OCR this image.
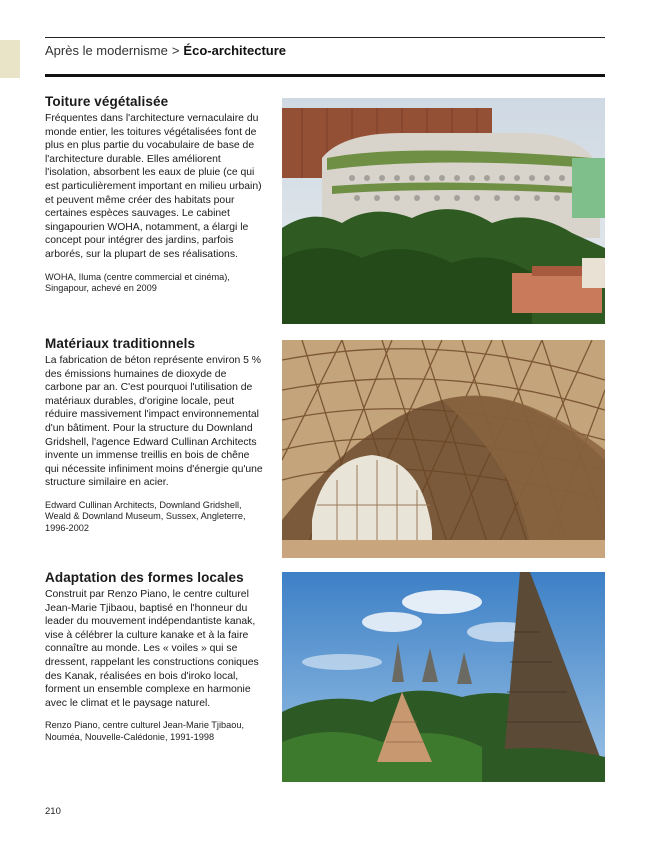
Après le modernisme > Éco-architecture
Toiture végétalisée

Fréquentes dans l'architecture vernaculaire du monde entier, les toitures végétalisées font de plus en plus partie du vocabulaire de base de l'architecture durable. Elles améliorent l'isolation, absorbent les eaux de pluie (ce qui est particulièrement important en milieu urbain) et peuvent même créer des habitats pour certaines espèces sauvages. Le cabinet singapourien WOHA, notamment, a élargi le concept pour intégrer des jardins, parfois arborés, sur la plupart de ses réalisations.

WOHA, Iluma (centre commercial et cinéma), Singapour, achevé en 2009

Matériaux traditionnels

La fabrication de béton représente environ 5 % des émissions humaines de dioxyde de carbone par an. C'est pourquoi l'utilisation de matériaux durables, d'origine locale, peut réduire massivement l'impact environnemental d'un bâtiment. Pour la structure du Downland Gridshell, l'agence Edward Cullinan Architects invente un immense treillis en bois de chêne qui nécessite infiniment moins d'énergie qu'une structure similaire en acier.

Edward Cullinan Architects, Downland Gridshell, Weald & Downland Museum, Sussex, Angleterre, 1996-2002

Adaptation des formes locales

Construit par Renzo Piano, le centre culturel Jean-Marie Tjibaou, baptisé en l'honneur du leader du mouvement indépendantiste kanak, vise à célébrer la culture kanake et à la faire connaître au monde. Les « voiles » qui se dressent, rappelant les constructions coniques des Kanak, réalisées en bois d'iroko local, forment un ensemble complexe en harmonie avec le climat et le paysage naturel.

Renzo Piano, centre culturel Jean-Marie Tjibaou, Nouméa, Nouvelle-Calédonie, 1991-1998

210
